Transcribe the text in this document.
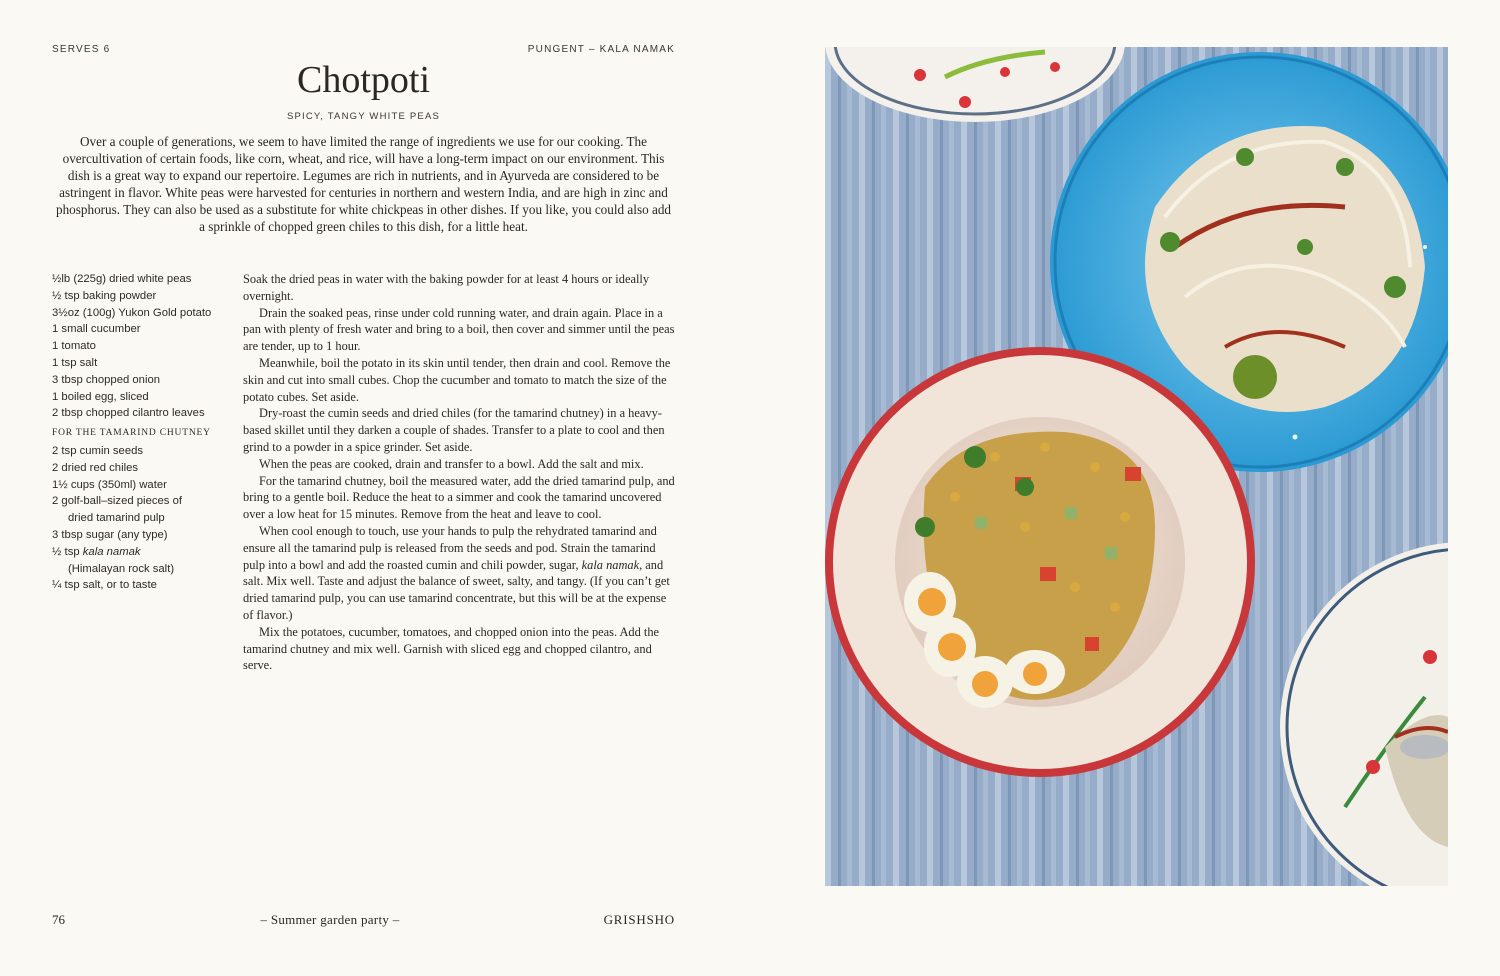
SERVES 6	PUNGENT – KALA NAMAK
Chotpoti
SPICY, TANGY WHITE PEAS
Over a couple of generations, we seem to have limited the range of ingredients we use for our cooking. The overcultivation of certain foods, like corn, wheat, and rice, will have a long-term impact on our environment. This dish is a great way to expand our repertoire. Legumes are rich in nutrients, and in Ayurveda are considered to be astringent in flavor. White peas were harvested for centuries in northern and western India, and are high in zinc and phosphorus. They can also be used as a substitute for white chickpeas in other dishes. If you like, you could also add a sprinkle of chopped green chiles to this dish, for a little heat.
½lb (225g) dried white peas
½ tsp baking powder
3½oz (100g) Yukon Gold potato
1 small cucumber
1 tomato
1 tsp salt
3 tbsp chopped onion
1 boiled egg, sliced
2 tbsp chopped cilantro leaves
FOR THE TAMARIND CHUTNEY
2 tsp cumin seeds
2 dried red chiles
1½ cups (350ml) water
2 golf-ball–sized pieces of
dried tamarind pulp
3 tbsp sugar (any type)
½ tsp kala namak
(Himalayan rock salt)
¼ tsp salt, or to taste

Soak the dried peas in water with the baking powder for at least 4 hours or ideally overnight.

Drain the soaked peas, rinse under cold running water, and drain again. Place in a pan with plenty of fresh water and bring to a boil, then cover and simmer until the peas are tender, up to 1 hour.

Meanwhile, boil the potato in its skin until tender, then drain and cool. Remove the skin and cut into small cubes. Chop the cucumber and tomato to match the size of the potato cubes. Set aside.

Dry-roast the cumin seeds and dried chiles (for the tamarind chutney) in a heavy-based skillet until they darken a couple of shades. Transfer to a plate to cool and then grind to a powder in a spice grinder. Set aside.

When the peas are cooked, drain and transfer to a bowl. Add the salt and mix.

For the tamarind chutney, boil the measured water, add the dried tamarind pulp, and bring to a gentle boil. Reduce the heat to a simmer and cook the tamarind uncovered over a low heat for 15 minutes. Remove from the heat and leave to cool.

When cool enough to touch, use your hands to pulp the rehydrated tamarind and ensure all the tamarind pulp is released from the seeds and pod. Strain the tamarind pulp into a bowl and add the roasted cumin and chili powder, sugar, kala namak, and salt. Mix well. Taste and adjust the balance of sweet, salty, and tangy. (If you can’t get dried tamarind pulp, you can use tamarind concentrate, but this will be at the expense of flavor.)

Mix the potatoes, cucumber, tomatoes, and chopped onion into the peas. Add the tamarind chutney and mix well. Garnish with sliced egg and chopped cilantro, and serve.

76	– Summer garden party –	GRISHSHO
